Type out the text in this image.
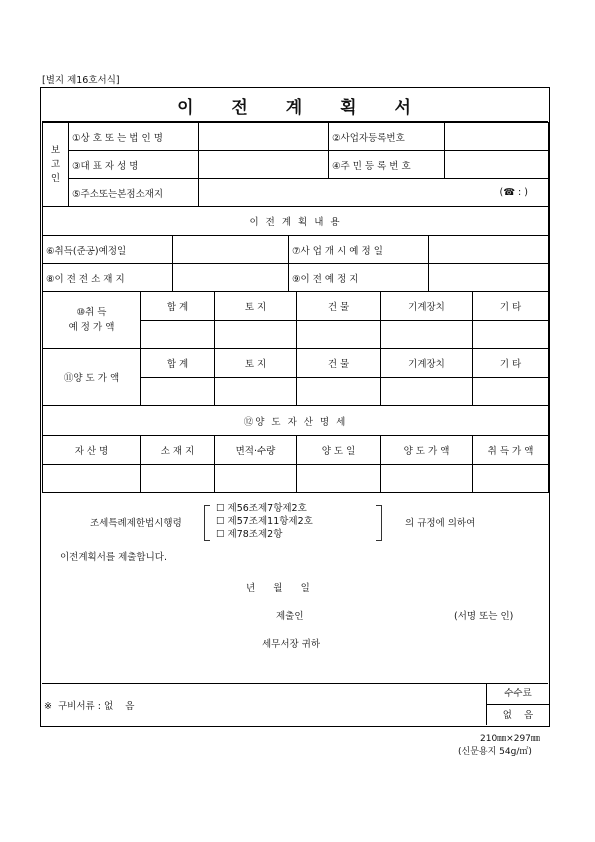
[별지 제16호서식]
이 전 계 획 서
보고인	①상 호 또 는 법 인 명		②사업자등록번호	
	③대 표 자 성 명		④주 민 등 록 번 호	
	⑤주소또는본점소재지	(☎ : )		
이 전 계 획 내 용			
⑥취득(준공)예정일		⑦사 업 개 시 예 정 일	
⑧이 전 전 소 재 지		⑨이 전 예 정 지	
⑩취 득
예 정 가 액	합 계	토 지	건 물	기계장치	기 타

⑪양 도 가 액	합 계	토 지	건 물	기계장치	기 타

⑫양 도 자 산 명 세					
자 산 명	소 재 지	면적·수량	양 도 일	양 도 가 액	취 득 가 액

조세특례제한법시행령
☐ 제56조제7항제2호
☐ 제57조제11항제2호
☐ 제78조제2항
의 규정에 의하여
이전계획서를 제출합니다.
년      월      일
제출인	(서명 또는 인)
세무서장 귀하
※  구비서류 : 없    음
수수료
없    음
210㎜×297㎜
(신문용지 54g/㎡)
